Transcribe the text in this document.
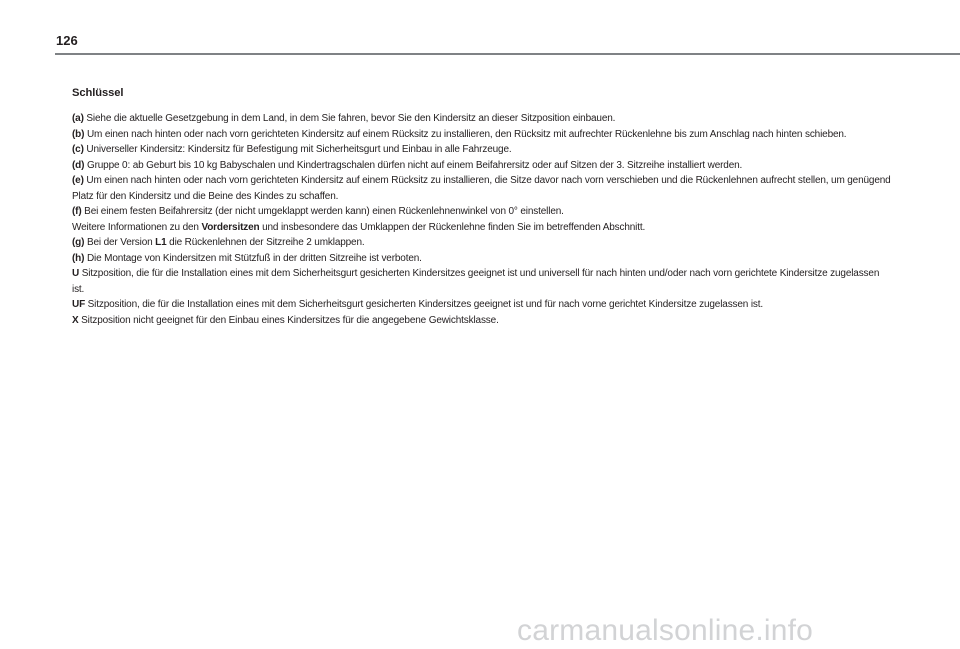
126
Schlüssel

(a) Siehe die aktuelle Gesetzgebung in dem Land, in dem Sie fahren, bevor Sie den Kindersitz an dieser Sitzposition einbauen.

(b) Um einen nach hinten oder nach vorn gerichteten Kindersitz auf einem Rücksitz zu installieren, den Rücksitz mit aufrechter Rückenlehne bis zum Anschlag nach hinten schieben.

(c) Universeller Kindersitz: Kindersitz für Befestigung mit Sicherheitsgurt und Einbau in alle Fahrzeuge.

(d) Gruppe 0: ab Geburt bis 10 kg Babyschalen und Kindertragschalen dürfen nicht auf einem Beifahrersitz oder auf Sitzen der 3. Sitzreihe installiert werden.

(e) Um einen nach hinten oder nach vorn gerichteten Kindersitz auf einem Rücksitz zu installieren, die Sitze davor nach vorn verschieben und die Rückenlehnen aufrecht stellen, um genügend Platz für den Kindersitz und die Beine des Kindes zu schaffen.

(f) Bei einem festen Beifahrersitz (der nicht umgeklappt werden kann) einen Rückenlehnenwinkel von 0° einstellen.

Weitere Informationen zu den Vordersitzen und insbesondere das Umklappen der Rückenlehne finden Sie im betreffenden Abschnitt.

(g) Bei der Version L1 die Rückenlehnen der Sitzreihe 2 umklappen.

(h) Die Montage von Kindersitzen mit Stützfuß in der dritten Sitzreihe ist verboten.

U Sitzposition, die für die Installation eines mit dem Sicherheitsgurt gesicherten Kindersitzes geeignet ist und universell für nach hinten und/oder nach vorn gerichtete Kindersitze zugelassen ist.

UF Sitzposition, die für die Installation eines mit dem Sicherheitsgurt gesicherten Kindersitzes geeignet ist und für nach vorne gerichtet Kindersitze zugelassen ist.

X Sitzposition nicht geeignet für den Einbau eines Kindersitzes für die angegebene Gewichtsklasse.

carmanualsonline.info
